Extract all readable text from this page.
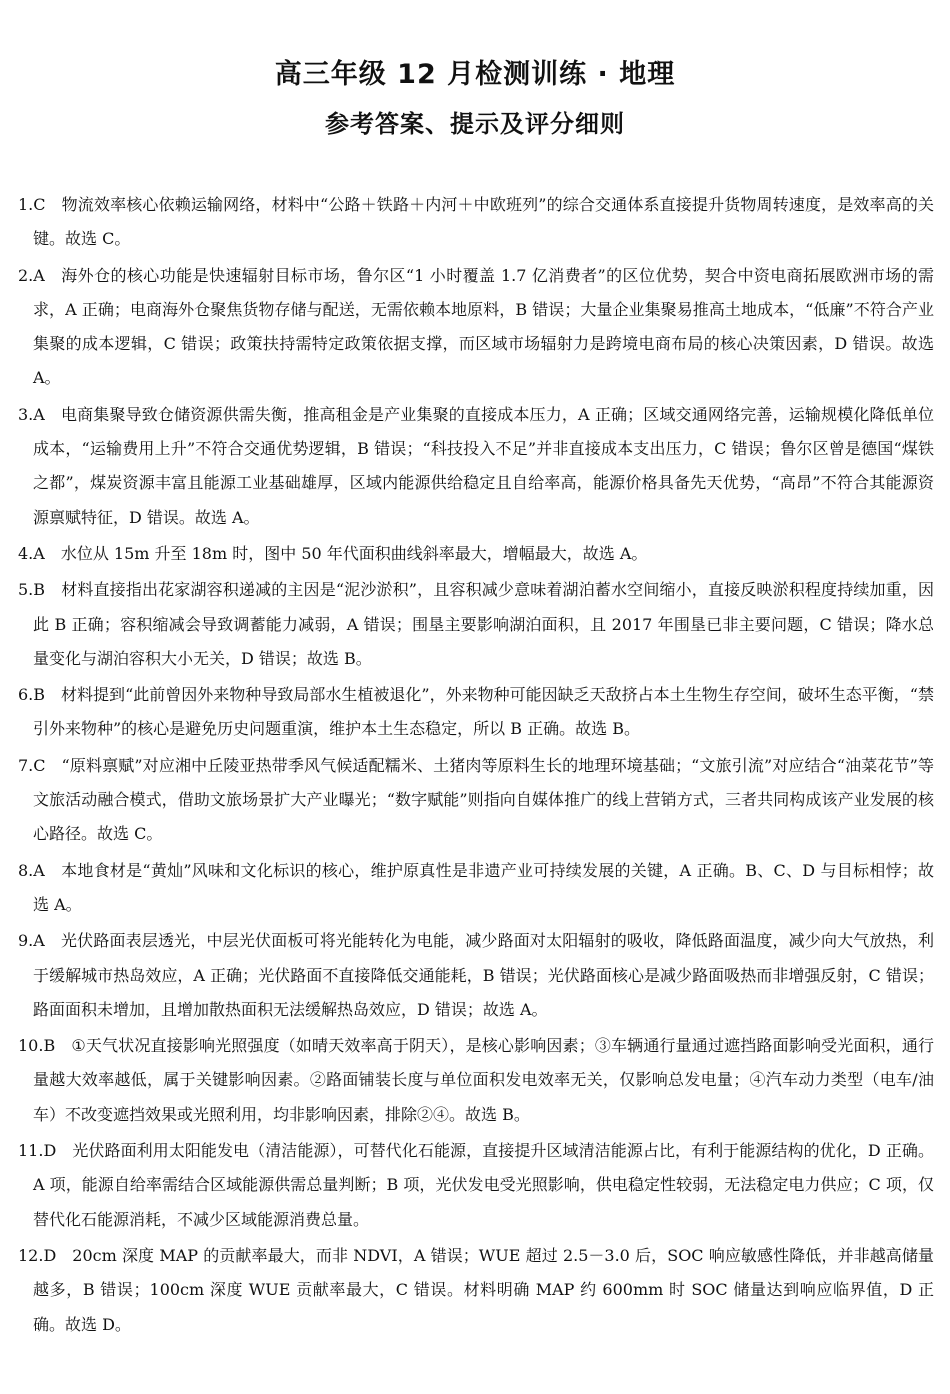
高三年级 12 月检测训练 · 地理
参考答案、提示及评分细则

1.C 物流效率核心依赖运输网络，材料中“公路＋铁路＋内河＋中欧班列”的综合交通体系直接提升货物周转速度，是效率高的关键。故选 C。

2.A 海外仓的核心功能是快速辐射目标市场，鲁尔区“1 小时覆盖 1.7 亿消费者”的区位优势，契合中资电商拓展欧洲市场的需求，A 正确；电商海外仓聚焦货物存储与配送，无需依赖本地原料，B 错误；大量企业集聚易推高土地成本，“低廉”不符合产业集聚的成本逻辑，C 错误；政策扶持需特定政策依据支撑，而区域市场辐射力是跨境电商布局的核心决策因素，D 错误。故选 A。

3.A 电商集聚导致仓储资源供需失衡，推高租金是产业集聚的直接成本压力，A 正确；区域交通网络完善，运输规模化降低单位成本，“运输费用上升”不符合交通优势逻辑，B 错误；“科技投入不足”并非直接成本支出压力，C 错误；鲁尔区曾是德国“煤铁之都”，煤炭资源丰富且能源工业基础雄厚，区域内能源供给稳定且自给率高，能源价格具备先天优势，“高昂”不符合其能源资源禀赋特征，D 错误。故选 A。

4.A 水位从 15m 升至 18m 时，图中 50 年代面积曲线斜率最大，增幅最大，故选 A。

5.B 材料直接指出花家湖容积递减的主因是“泥沙淤积”，且容积减少意味着湖泊蓄水空间缩小，直接反映淤积程度持续加重，因此 B 正确；容积缩减会导致调蓄能力减弱，A 错误；围垦主要影响湖泊面积，且 2017 年围垦已非主要问题，C 错误；降水总量变化与湖泊容积大小无关，D 错误；故选 B。

6.B 材料提到“此前曾因外来物种导致局部水生植被退化”，外来物种可能因缺乏天敌挤占本土生物生存空间，破坏生态平衡，“禁引外来物种”的核心是避免历史问题重演，维护本土生态稳定，所以 B 正确。故选 B。

7.C “原料禀赋”对应湘中丘陵亚热带季风气候适配糯米、土猪肉等原料生长的地理环境基础；“文旅引流”对应结合“油菜花节”等文旅活动融合模式，借助文旅场景扩大产业曝光；“数字赋能”则指向自媒体推广的线上营销方式，三者共同构成该产业发展的核心路径。故选 C。

8.A 本地食材是“黄灿”风味和文化标识的核心，维护原真性是非遗产业可持续发展的关键，A 正确。B、C、D 与目标相悖；故选 A。

9.A 光伏路面表层透光，中层光伏面板可将光能转化为电能，减少路面对太阳辐射的吸收，降低路面温度，减少向大气放热，利于缓解城市热岛效应，A 正确；光伏路面不直接降低交通能耗，B 错误；光伏路面核心是减少路面吸热而非增强反射，C 错误；路面面积未增加，且增加散热面积无法缓解热岛效应，D 错误；故选 A。

10.B ①天气状况直接影响光照强度（如晴天效率高于阴天），是核心影响因素；③车辆通行量通过遮挡路面影响受光面积，通行量越大效率越低，属于关键影响因素。②路面铺装长度与单位面积发电效率无关，仅影响总发电量；④汽车动力类型（电车/油车）不改变遮挡效果或光照利用，均非影响因素，排除②④。故选 B。

11.D 光伏路面利用太阳能发电（清洁能源），可替代化石能源，直接提升区域清洁能源占比，有利于能源结构的优化，D 正确。A 项，能源自给率需结合区域能源供需总量判断；B 项，光伏发电受光照影响，供电稳定性较弱，无法稳定电力供应；C 项，仅替代化石能源消耗，不减少区域能源消费总量。

12.D 20cm 深度 MAP 的贡献率最大，而非 NDVI，A 错误；WUE 超过 2.5－3.0 后，SOC 响应敏感性降低，并非越高储量越多，B 错误；100cm 深度 WUE 贡献率最大，C 错误。材料明确 MAP 约 600mm 时 SOC 储量达到响应临界值，D 正确。故选 D。
